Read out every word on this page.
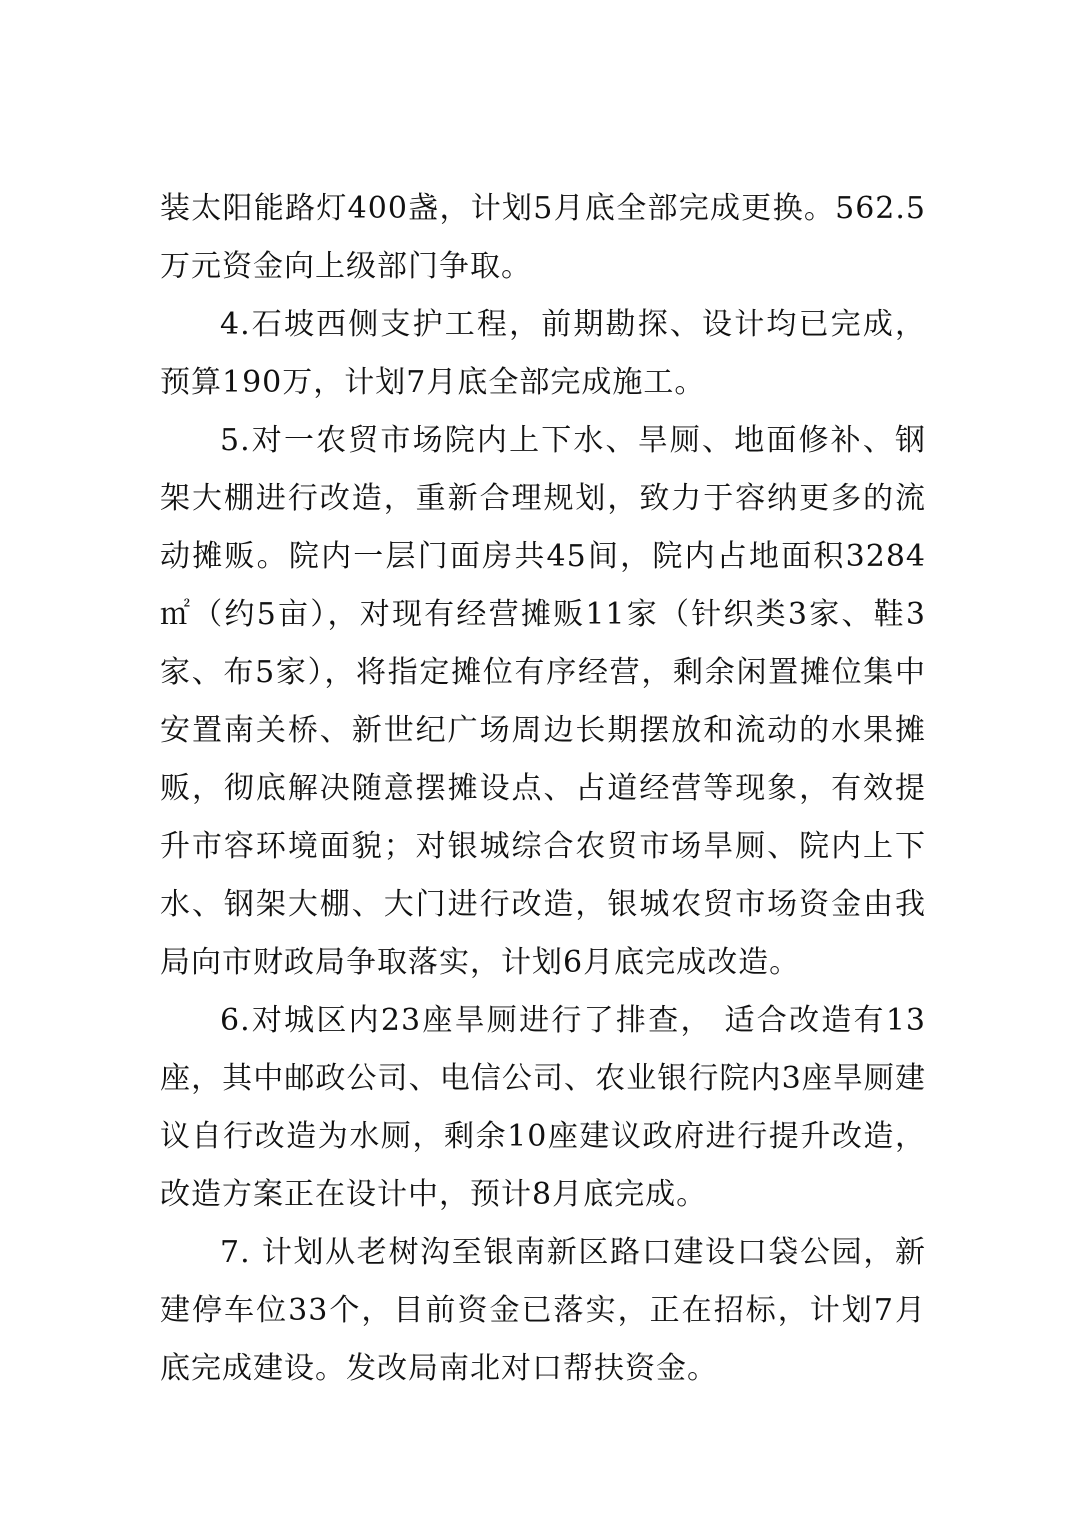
装太阳能路灯400盏，计划5月底全部完成更换。562.5万元资金向上级部门争取。

4.石坡西侧支护工程，前期勘探、设计均已完成，预算190万，计划7月底全部完成施工。

5.对一农贸市场院内上下水、旱厕、地面修补、钢架大棚进行改造，重新合理规划，致力于容纳更多的流动摊贩。院内一层门面房共45间，院内占地面积3284㎡（约5亩），对现有经营摊贩11家（针织类3家、鞋3家、布5家），将指定摊位有序经营，剩余闲置摊位集中安置南关桥、新世纪广场周边长期摆放和流动的水果摊贩，彻底解决随意摆摊设点、占道经营等现象，有效提升市容环境面貌；对银城综合农贸市场旱厕、院内上下水、钢架大棚、大门进行改造，银城农贸市场资金由我局向市财政局争取落实，计划6月底完成改造。

6.对城区内23座旱厕进行了排查， 适合改造有13座，其中邮政公司、电信公司、农业银行院内3座旱厕建议自行改造为水厕，剩余10座建议政府进行提升改造，改造方案正在设计中，预计8月底完成。

7. 计划从老树沟至银南新区路口建设口袋公园，新建停车位33个，目前资金已落实，正在招标，计划7月底完成建设。发改局南北对口帮扶资金。
